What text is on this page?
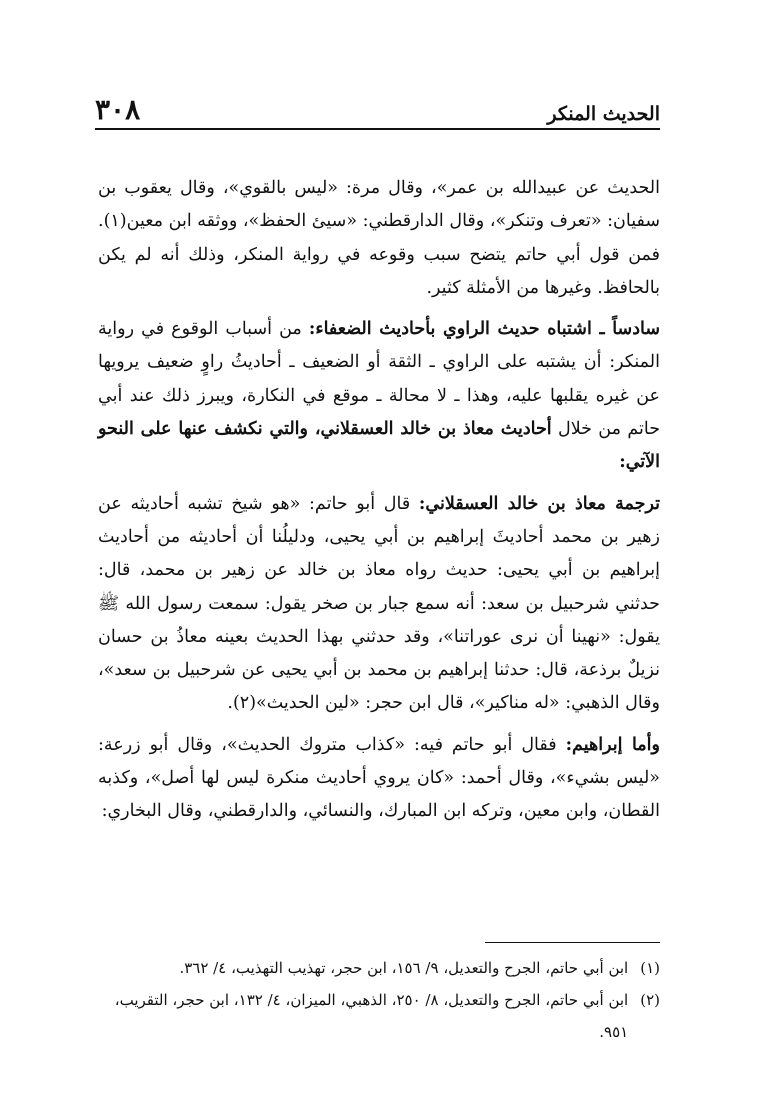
٣٠٨	الحديث المنكر

الحديث عن عبيدالله بن عمر»، وقال مرة: «ليس بالقوي»، وقال يعقوب بن سفيان: «تعرف وتنكر»، وقال الدارقطني: «سيئ الحفظ»، ووثقه ابن معين(١). فمن قول أبي حاتم يتضح سبب وقوعه في رواية المنكر، وذلك أنه لم يكن بالحافظ. وغيرها من الأمثلة كثير.

سادساً ـ اشتباه حديث الراوي بأحاديث الضعفاء: من أسباب الوقوع في رواية المنكر: أن يشتبه على الراوي ـ الثقة أو الضعيف ـ أحاديثُ راوٍ ضعيف يرويها عن غيره يقلبها عليه، وهذا ـ لا محالة ـ موقع في النكارة، ويبرز ذلك عند أبي حاتم من خلال أحاديث معاذ بن خالد العسقلاني، والتي نكشف عنها على النحو الآتي:

ترجمة معاذ بن خالد العسقلاني: قال أبو حاتم: «هو شيخ تشبه أحاديثه عن زهير بن محمد أحاديثَ إبراهيم بن أبي يحيى، ودليلُنا أن أحاديثه من أحاديث إبراهيم بن أبي يحيى: حديث رواه معاذ بن خالد عن زهير بن محمد، قال: حدثني شرحبيل بن سعد: أنه سمع جبار بن صخر يقول: سمعت رسول الله ﷺ يقول: «نهينا أن نرى عوراتنا»، وقد حدثني بهذا الحديث بعينه معاذُ بن حسان نزيلٌ برذعة، قال: حدثنا إبراهيم بن محمد بن أبي يحيى عن شرحبيل بن سعد»، وقال الذهبي: «له مناكير»، قال ابن حجر: «لين الحديث»(٢).

وأما إبراهيم: فقال أبو حاتم فيه: «كذاب متروك الحديث»، وقال أبو زرعة: «ليس بشيء»، وقال أحمد: «كان يروي أحاديث منكرة ليس لها أصل»، وكذبه القطان، وابن معين، وتركه ابن المبارك، والنسائي، والدارقطني، وقال البخاري:

(١)
ابن أبي حاتم، الجرح والتعديل، ٩/ ١٥٦، ابن حجر، تهذيب التهذيب، ٤/ ٣٦٢.
(٢)
ابن أبي حاتم، الجرح والتعديل، ٨/ ٢٥٠، الذهبي، الميزان، ٤/ ١٣٢، ابن حجر، التقريب، ٩٥١.
